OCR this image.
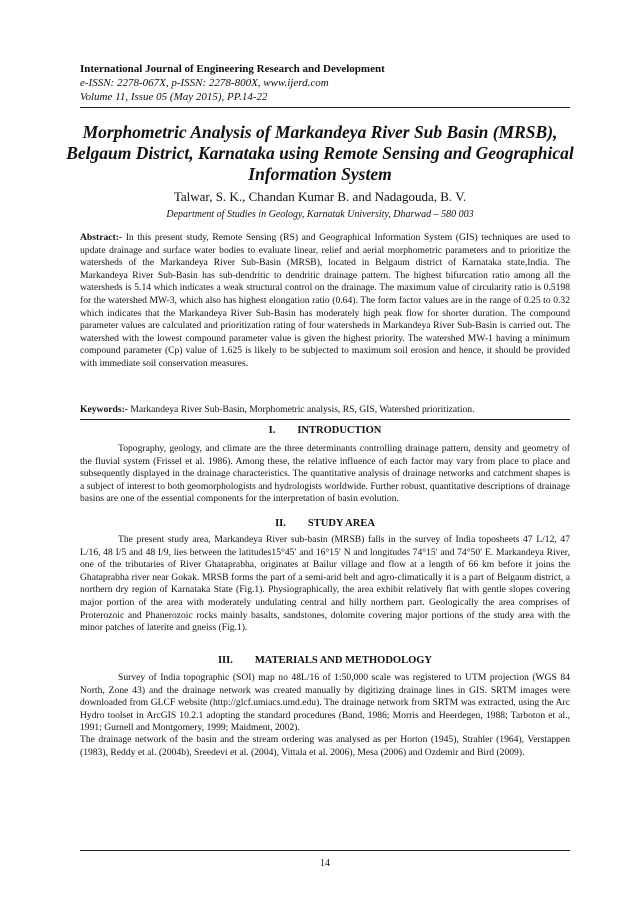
International Journal of Engineering Research and Development
e-ISSN: 2278-067X, p-ISSN: 2278-800X, www.ijerd.com
Volume 11, Issue 05 (May 2015), PP.14-22
Morphometric Analysis of Markandeya River Sub Basin (MRSB), Belgaum District, Karnataka using Remote Sensing and Geographical Information System
Talwar, S. K., Chandan Kumar B. and Nadagouda, B. V.
Department of Studies in Geology, Karnatak University, Dharwad – 580 003
Abstract:- In this present study, Remote Sensing (RS) and Geographical Information System (GIS) techniques are used to update drainage and surface water bodies to evaluate linear, relief and aerial morphometric parameters and to prioritize the watersheds of the Markandeya River Sub-Basin (MRSB), located in Belgaum district of Karnataka state,India. The Markandeya River Sub-Basin has sub-dendritic to dendritic drainage pattern. The highest bifurcation ratio among all the watersheds is 5.14 which indicates a weak structural control on the drainage. The maximum value of circularity ratio is 0.5198 for the watershed MW-3, which also has highest elongation ratio (0.64). The form factor values are in the range of 0.25 to 0.32 which indicates that the Markandeya River Sub-Basin has moderately high peak flow for shorter duration. The compound parameter values are calculated and prioritization rating of four watersheds in Markandeya River Sub-Basin is carried out. The watershed with the lowest compound parameter value is given the highest priority. The watershed MW-1 having a minimum compound parameter (Cp) value of 1.625 is likely to be subjected to maximum soil erosion and hence, it should be provided with immediate soil conservation measures.
Keywords:- Markandeya River Sub-Basin, Morphometric analysis, RS, GIS, Watershed prioritization.
I. INTRODUCTION
Topography, geology, and climate are the three determinants controlling drainage pattern, density and geometry of the fluvial system (Frissel et al. 1986). Among these, the relative influence of each factor may vary from place to place and subsequently displayed in the drainage characteristics. The quantitative analysis of drainage networks and catchment shapes is a subject of interest to both geomorphologists and hydrologists worldwide. Further robust, quantitative descriptions of drainage basins are one of the essential components for the interpretation of basin evolution.
II. STUDY AREA
The present study area, Markandeya River sub-basin (MRSB) falls in the survey of India toposheets 47 L/12, 47 L/16, 48 I/5 and 48 I/9, lies between the latitudes15°45′ and 16°15′ N and longitudes 74°15′ and 74°50′ E. Markandeya River, one of the tributaries of River Ghataprabha, originates at Bailur village and flow at a length of 66 km before it joins the Ghataprabha river near Gokak. MRSB forms the part of a semi-arid belt and agro-climatically it is a part of Belgaum district, a northern dry region of Karnataka State (Fig.1). Physiographically, the area exhibit relatively flat with gentle slopes covering major portion of the area with moderately undulating central and hilly northern part. Geologically the area comprises of Proterozoic and Phanerozoic rocks mainly basalts, sandstones, dolomite covering major portions of the study area with the minor patches of laterite and gneiss (Fig.1).
III. MATERIALS AND METHODOLOGY
Survey of India topographic (SOI) map no 48L/16 of 1:50,000 scale was registered to UTM projection (WGS 84 North, Zone 43) and the drainage network was created manually by digitizing drainage lines in GIS. SRTM images were downloaded from GLCF website (http://glcf.umiacs.umd.edu). The drainage network from SRTM was extracted, using the Arc Hydro toolset in ArcGIS 10.2.1 adopting the standard procedures (Band, 1986; Morris and Heerdegen, 1988; Tarboton et al., 1991; Gurnell and Montgomery, 1999; Maidment, 2002).
The drainage network of the basin and the stream ordering was analysed as per Horton (1945), Strahler (1964), Verstappen (1983), Reddy et al. (2004b), Sreedevi et al. (2004), Vittala et al. 2006), Mesa (2006) and Ozdemir and Bird (2009).
14
